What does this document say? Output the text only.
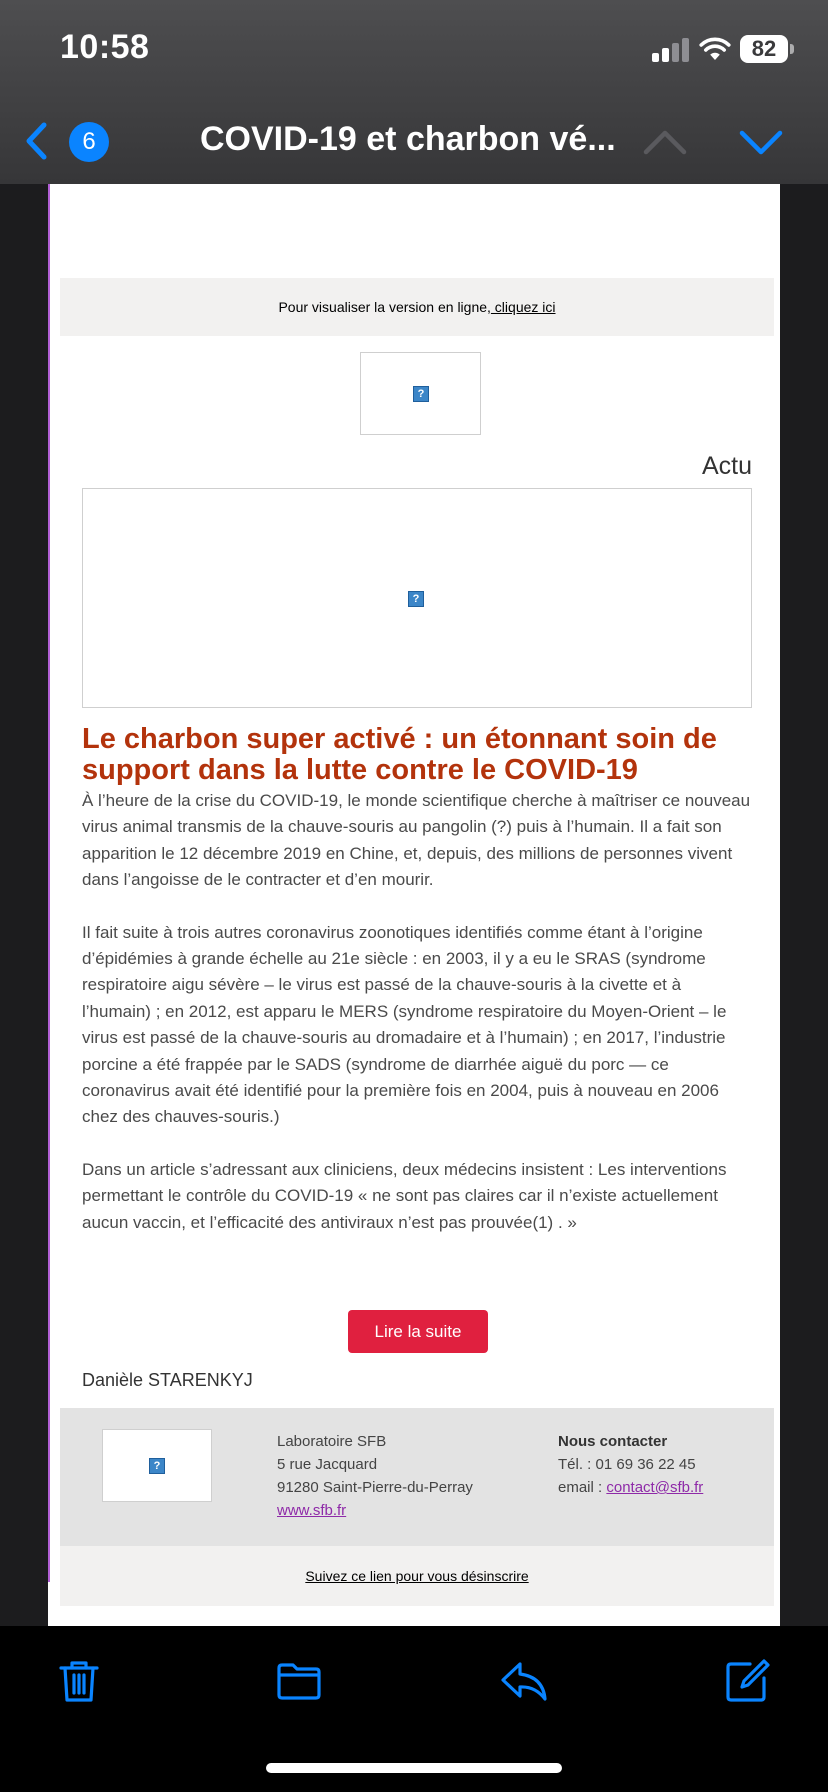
10:58	82
6	COVID-19 et charbon vé...
Pour visualiser la version en ligne, cliquez ici
?
Actu
?
Le charbon super activé : un étonnant soin de support dans la lutte contre le COVID-19

À l’heure de la crise du COVID-19, le monde scientifique cherche à maîtriser ce nouveau virus animal transmis de la chauve-souris au pangolin (?) puis à l’humain. Il a fait son apparition le 12 décembre 2019 en Chine, et, depuis, des millions de personnes vivent dans l’angoisse de le contracter et d’en mourir.

Il fait suite à trois autres coronavirus zoonotiques identifiés comme étant à l’origine d’épidémies à grande échelle au 21e siècle : en 2003, il y a eu le SRAS (syndrome respiratoire aigu sévère – le virus est passé de la chauve-souris à la civette et à l’humain) ; en 2012, est apparu le MERS (syndrome respiratoire du Moyen-Orient – le virus est passé de la chauve-souris au dromadaire et à l’humain) ; en 2017, l’industrie porcine a été frappée par le SADS (syndrome de diarrhée aiguë du porc — ce coronavirus avait été identifié pour la première fois en 2004, puis à nouveau en 2006 chez des chauves-souris.)

Dans un article s’adressant aux cliniciens, deux médecins insistent : Les interventions permettant le contrôle du COVID-19 « ne sont pas claires car il n’existe actuellement aucun vaccin, et l’efficacité des antiviraux n’est pas prouvée(1) . »

Lire la suite
Danièle STARENKYJ
?
Laboratoire SFB
5 rue Jacquard
91280 Saint-Pierre-du-Perray
www.sfb.fr
Nous contacter
Tél. : 01 69 36 22 45
email : contact@sfb.fr
Suivez ce lien pour vous désinscrire
